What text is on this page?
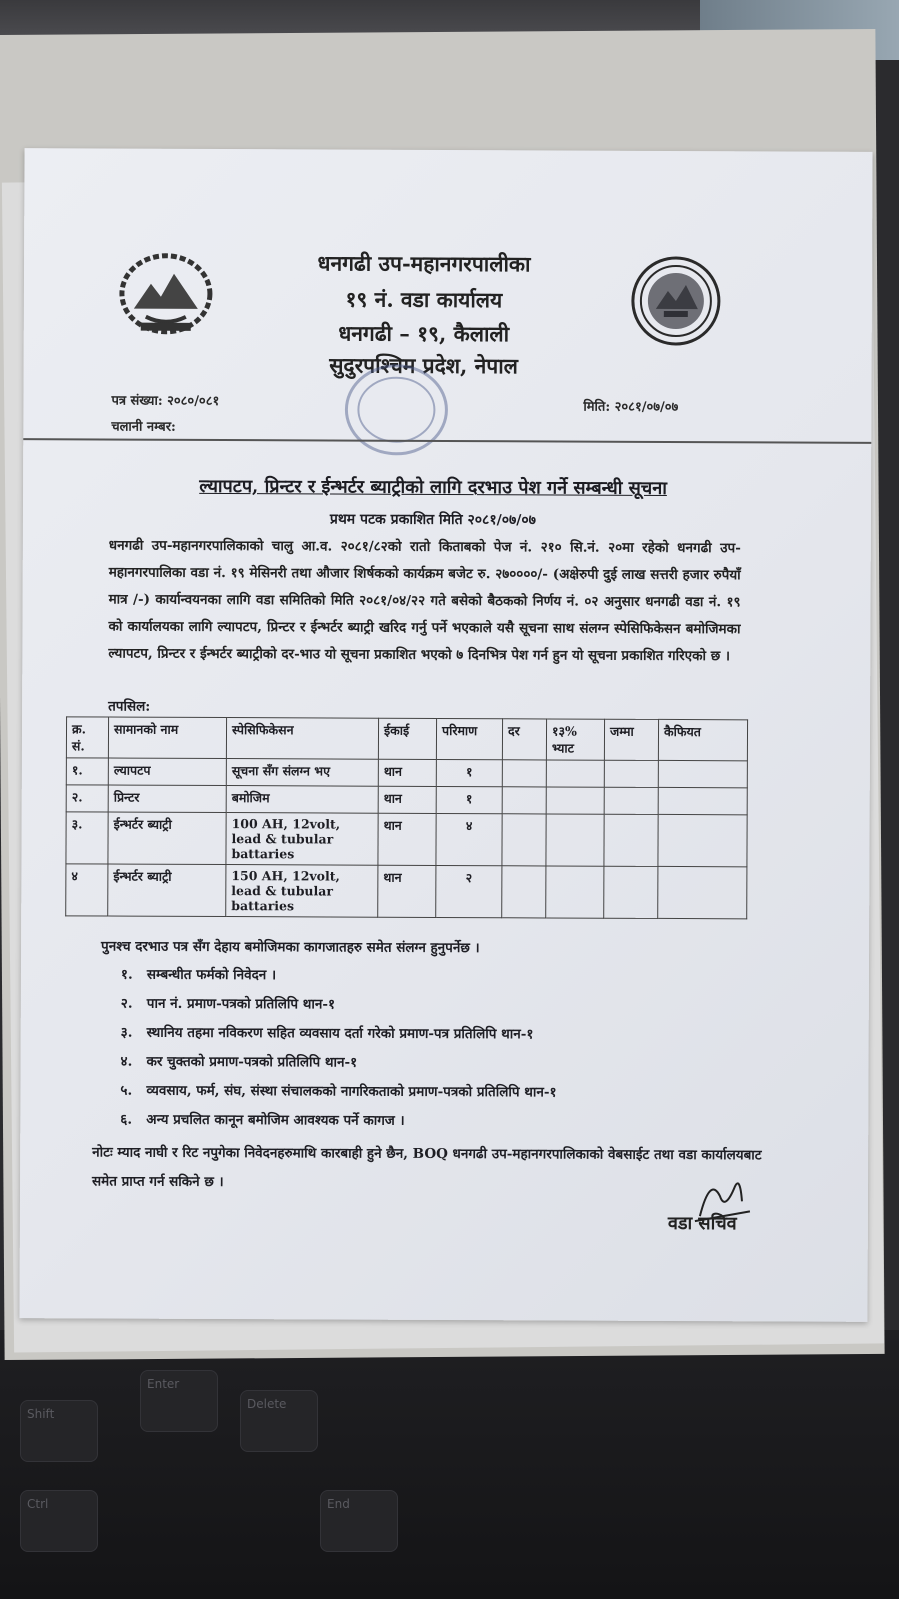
Shift
Enter
Delete
Ctrl	End
धनगढी उप-महानगरपालीका
१९ नं. वडा कार्यालय
धनगढी – १९, कैलाली
सुदुरपश्चिम प्रदेश, नेपाल
पत्र संख्या: २०८०/०८१
चलानी नम्बर:
मिति: २०८१/०७/०७
ल्यापटप, प्रिन्टर र ईन्भर्टर ब्याट्रीको लागि दरभाउ पेश गर्ने सम्बन्धी सूचना
प्रथम पटक प्रकाशित मिति २०८१/०७/०७
धनगढी उप-महानगरपालिकाको चालु आ.व. २०८१/८२को रातो किताबको पेज नं. २१० सि.नं. २०मा रहेको धनगढी उप-महानगरपालिका वडा नं. १९ मेसिनरी तथा औजार शिर्षकको कार्यक्रम बजेट रु. २७००००/- (अक्षेरुपी दुई लाख सत्तरी हजार रुपैयाँ मात्र /-) कार्यान्वयनका लागि वडा समितिको मिति २०८१/०४/२२ गते बसेको बैठकको निर्णय नं. ०२ अनुसार धनगढी वडा नं. १९ को कार्यालयका लागि ल्यापटप, प्रिन्टर र ईन्भर्टर ब्याट्री खरिद गर्नु पर्ने भएकाले यसै सूचना साथ संलग्न स्पेसिफिकेसन बमोजिमका ल्यापटप, प्रिन्टर र ईन्भर्टर ब्याट्रीको दर-भाउ यो सूचना प्रकाशित भएको ७ दिनभित्र पेश गर्न हुन यो सूचना प्रकाशित गरिएको छ ।
तपसिल:
क्र. सं.	सामानको नाम	स्पेसिफिकेसन	ईकाई	परिमाण	दर	१३% भ्याट	जम्मा	कैफियत
१.	ल्यापटप	सूचना सँग संलग्न भए	थान	१				
२.	प्रिन्टर	बमोजिम	थान	१				
३.	ईन्भर्टर ब्याट्री	100 AH, 12volt, lead & tubular battaries	थान	४				
४	ईन्भर्टर ब्याट्री	150 AH, 12volt, lead & tubular battaries	थान	२				
पुनश्च दरभाउ पत्र सँग देहाय बमोजिमका कागजातहरु समेत संलग्न हुनुपर्नेछ ।
१. सम्बन्धीत फर्मको निवेदन ।
२. पान नं. प्रमाण-पत्रको प्रतिलिपि थान-१
३. स्थानिय तहमा नविकरण सहित व्यवसाय दर्ता गरेको प्रमाण-पत्र प्रतिलिपि थान-१
४. कर चुक्तको प्रमाण-पत्रको प्रतिलिपि थान-१
५. व्यवसाय, फर्म, संघ, संस्था संचालकको नागरिकताको प्रमाण-पत्रको प्रतिलिपि थान-१
६. अन्य प्रचलित कानून बमोजिम आवश्यक पर्ने कागज ।
नोटः म्याद नाघी र रिट नपुगेका निवेदनहरुमाथि कारबाही हुने छैन, BOQ धनगढी उप-महानगरपालिकाको वेबसाईट तथा वडा कार्यालयबाट समेत प्राप्त गर्न सकिने छ ।
वडा सचिव
